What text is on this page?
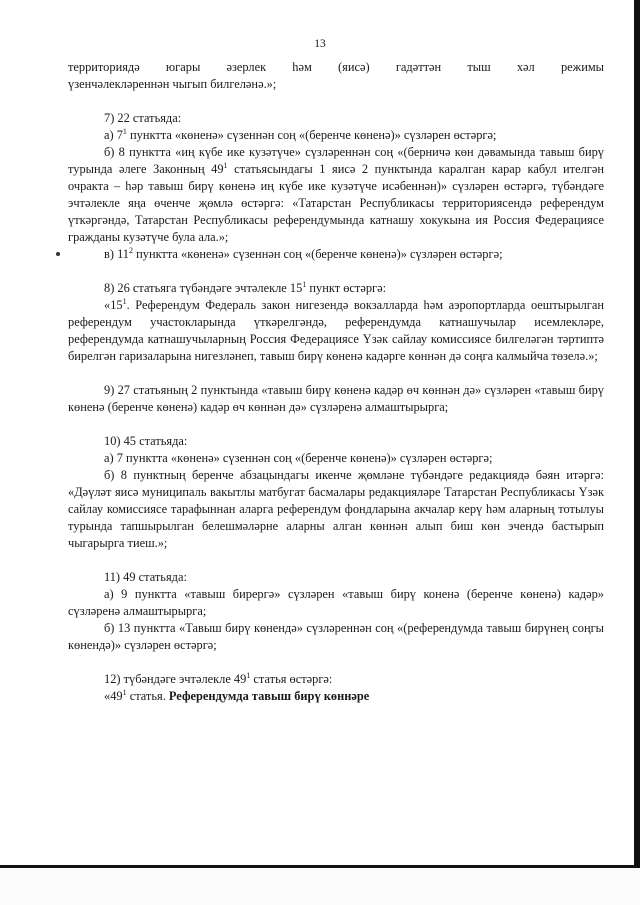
13

территориядә югары әзерлек һәм (яисә) гадәттән тыш хәл режимы

үзенчәлекләреннән чыгып билгеләнә.»;

7) 22 статьяда:

а) $7^1$ пунктта «көненә» сүзеннән соң «(беренче көненә)» сүзләрен өстәргә;

б) 8 пунктта «иң күбе ике кузәтүче» сүзләреннән соң «(берничә көн дәвамында тавыш бирү турында әлеге Законның $49^1$ статьясындагы 1 яисә 2 пунктында каралган карар кабул ителгән очракта – һәр тавыш бирү көненә иң күбе ике кузәтүче исәбеннән)» сүзләрен өстәргә, түбәндәге эчтәлекле яңа өченче җөмлә өстәргә: «Татарстан Республикасы территориясендә референдум үткәргәндә, Татарстан Республикасы референдумында катнашу хокукына ия Россия Федерациясе гражданы кузәтүче була ала.»;

в) $11^2$ пунктта «көненә» сүзеннән соң «(беренче көненә)» сүзләрен өстәргә;

8) 26 статьяга түбәндәге эчтәлекле $15^1$ пункт өстәргә:

«$15^1$. Референдум Федераль закон нигезендә вокзалларда һәм аэропортларда оештырылган референдум участокларында үткәрелгәндә, референдумда катнашучылар исемлекләре, референдумда катнашучыларның Россия Федерациясе Үзәк сайлау комиссиясе билгеләгән тәртиптә бирелгән гаризаларына нигезләнеп, тавыш бирү көненә кадәрге көннән дә соңга калмыйча төзелә.»;

9) 27 статьяның 2 пунктында «тавыш бирү көненә кадәр өч көннән дә» сүзләрен «тавыш бирү көненә (беренче көненә) кадәр өч көннән дә» сүзләренә алмаштырырга;

10) 45 статьяда:

а) 7 пунктта «көненә» сүзеннән соң «(беренче көненә)» сүзләрен өстәргә;

б) 8 пунктның беренче абзацындагы икенче җөмләне түбәндәге редакциядә бәян итәргә: «Дәүләт яисә муниципаль вакытлы матбугат басмалары редакцияләре Татарстан Республикасы Үзәк сайлау комиссиясе тарафыннан аларга референдум фондларына акчалар керү һәм аларның тотылуы турында тапшырылган белешмәләрне аларны алган көннән алып биш көн эчендә бастырып чыгарырга тиеш.»;

11) 49 статьяда:

а) 9 пунктта «тавыш бирергә» сүзләрен «тавыш бирү коненə (беренче көненә) кадәр» сүзләренә алмаштырырга;

б) 13 пунктта «Тавыш бирү көнендә» сүзләреннән соң «(референдумда тавыш бирүнең соңгы көнендә)» сүзләрен өстәргә;

12) түбәндәге эчтәлекле $49^1$ статья өстәргә:

«$49^1$ статья. Референдумда тавыш бирү көннәре
